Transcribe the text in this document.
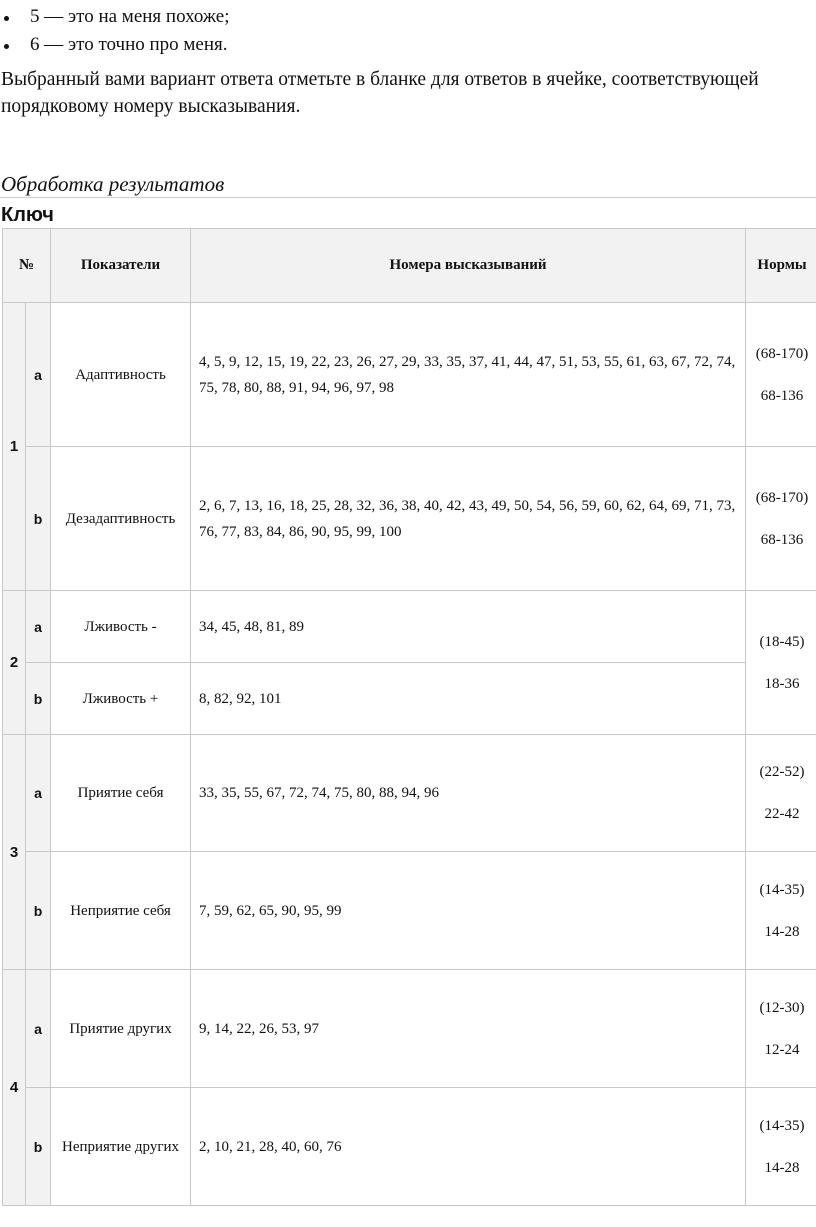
5 — это на меня похоже;
6 — это точно про меня.
Выбранный вами вариант ответа отметьте в бланке для ответов в ячейке, соответствующей порядковому номеру высказывания.
Обработка результатов
Ключ
№		Показатели	Номера высказываний	Нормы
1	a	Адаптивность	4, 5, 9, 12, 15, 19, 22, 23, 26, 27, 29, 33, 35, 37, 41, 44, 47, 51, 53, 55, 61, 63, 67, 72, 74, 75, 78, 80, 88, 91, 94, 96, 97, 98	(68-170)
68-136

	b	Дезадаптивность	2, 6, 7, 13, 16, 18, 25, 28, 32, 36, 38, 40, 42, 43, 49, 50, 54, 56, 59, 60, 62, 64, 69, 71, 73, 76, 77, 83, 84, 86, 90, 95, 99, 100	(68-170)
68-136

2	a	Лживость -	34, 45, 48, 81, 89	(18-45)
18-36

	b	Лживость +	8, 82, 92, 101	
3	a	Приятие себя	33, 35, 55, 67, 72, 74, 75, 80, 88, 94, 96	(22-52)
22-42

	b	Неприятие себя	7, 59, 62, 65, 90, 95, 99	(14-35)
14-28

4	a	Приятие других	9, 14, 22, 26, 53, 97	(12-30)
12-24

	b	Неприятие других	2, 10, 21, 28, 40, 60, 76	(14-35)
14-28
